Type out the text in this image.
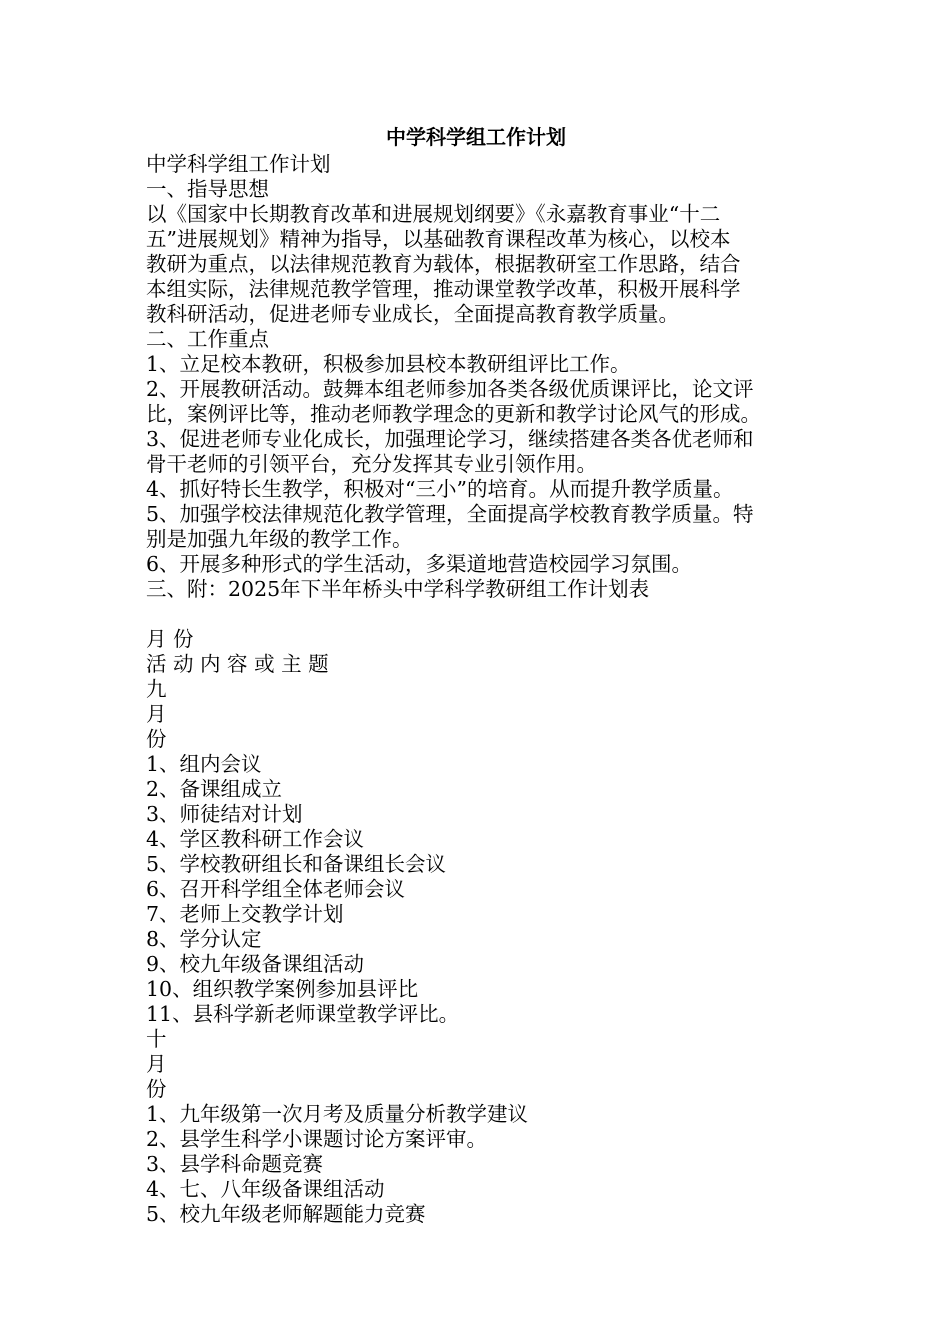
中学科学组工作计划
中学科学组工作计划
一、指导思想
以《国家中长期教育改革和进展规划纲要》《永嘉教育事业“十二
五”进展规划》精神为指导，以基础教育课程改革为核心，以校本
教研为重点，以法律规范教育为载体，根据教研室工作思路，结合
本组实际，法律规范教学管理，推动课堂教学改革，积极开展科学
教科研活动，促进老师专业成长，全面提高教育教学质量。
二、工作重点
1、立足校本教研，积极参加县校本教研组评比工作。
2、开展教研活动。鼓舞本组老师参加各类各级优质课评比，论文评
比，案例评比等，推动老师教学理念的更新和教学讨论风气的形成。
3、促进老师专业化成长，加强理论学习，继续搭建各类各优老师和
骨干老师的引领平台，充分发挥其专业引领作用。
4、抓好特长生教学，积极对“三小”的培育。从而提升教学质量。
5、加强学校法律规范化教学管理，全面提高学校教育教学质量。特
别是加强九年级的教学工作。
6、开展多种形式的学生活动，多渠道地营造校园学习氛围。
三、附：2025年下半年桥头中学科学教研组工作计划表
月 份
活 动 内 容 或 主 题
九
月
份
1、组内会议
2、备课组成立
3、师徒结对计划
4、学区教科研工作会议
5、学校教研组长和备课组长会议
6、召开科学组全体老师会议
7、老师上交教学计划
8、学分认定
9、校九年级备课组活动
10、组织教学案例参加县评比
11、县科学新老师课堂教学评比。
十
月
份
1、九年级第一次月考及质量分析教学建议
2、县学生科学小课题讨论方案评审。
3、县学科命题竞赛
4、七、八年级备课组活动
5、校九年级老师解题能力竞赛
